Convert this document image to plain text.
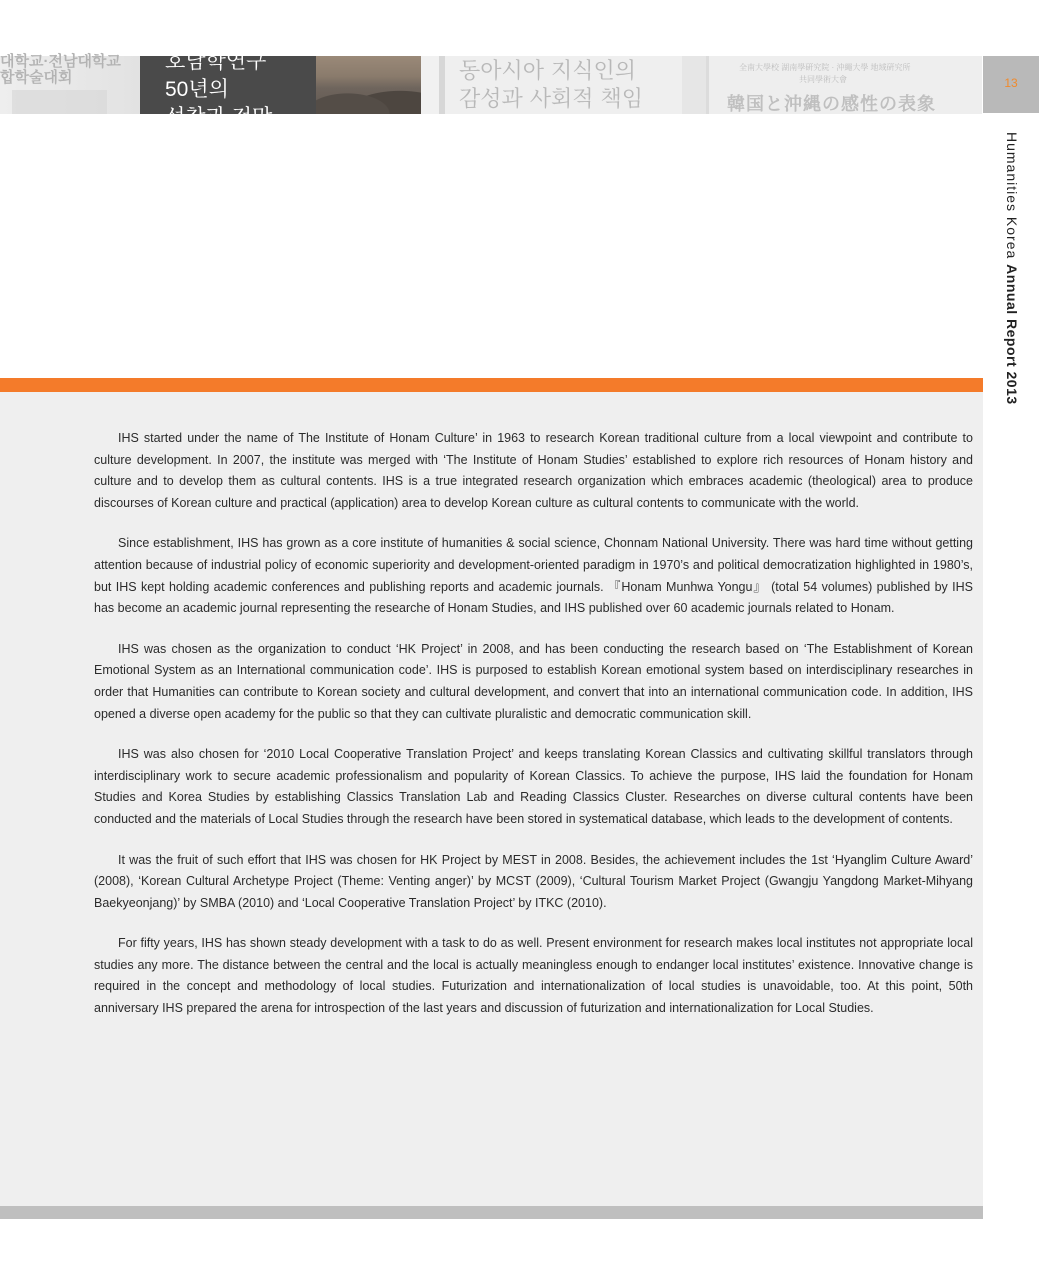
대학교·전남대학교
합학술대회
호남학연구
50년의
성찰과 전망
동아시아 지식인의
감성과 사회적 책임
全南大學校 湖南學硏究院 · 沖繩大學 地域硏究所
共同學術大會
韓国と沖縄の感性の表象
13
Humanities Korea Annual Report 2013

IHS started under the name of The Institute of Honam Culture’ in 1963 to research Korean traditional culture from a local viewpoint and contribute to culture development. In 2007, the institute was merged with ‘The Institute of Honam Studies’ established to explore rich resources of Honam history and culture and to develop them as cultural contents. IHS is a true integrated research organization which embraces academic (theological) area to produce discourses of Korean culture and practical (application) area to develop Korean culture as cultural contents to communicate with the world.

Since establishment, IHS has grown as a core institute of humanities & social science, Chonnam National University. There was hard time without getting attention because of industrial policy of economic superiority and development-oriented paradigm in 1970’s and political democratization highlighted in 1980’s, but IHS kept holding academic conferences and publishing reports and academic journals. 『Honam Munhwa Yongu』 (total 54 volumes) published by IHS has become an academic journal representing the researche of Honam Studies, and IHS published over 60 academic journals related to Honam.

IHS was chosen as the organization to conduct ‘HK Project’ in 2008, and has been conducting the research based on ‘The Establishment of Korean Emotional System as an International communication code’. IHS is purposed to establish Korean emotional system based on interdisciplinary researches in order that Humanities can contribute to Korean society and cultural development, and convert that into an international communication code. In addition, IHS opened a diverse open academy for the public so that they can cultivate pluralistic and democratic communication skill.

IHS was also chosen for ‘2010 Local Cooperative Translation Project’ and keeps translating Korean Classics and cultivating skillful translators through interdisciplinary work to secure academic professionalism and popularity of Korean Classics. To achieve the purpose, IHS laid the foundation for Honam Studies and Korea Studies by establishing Classics Translation Lab and Reading Classics Cluster. Researches on diverse cultural contents have been conducted and the materials of Local Studies through the research have been stored in systematical database, which leads to the development of contents.

It was the fruit of such effort that IHS was chosen for HK Project by MEST in 2008. Besides, the achievement includes the 1st ‘Hyanglim Culture Award’ (2008), ‘Korean Cultural Archetype Project (Theme: Venting anger)’ by MCST (2009), ‘Cultural Tourism Market Project (Gwangju Yangdong Market-Mihyang Baekyeonjang)’ by SMBA (2010) and ‘Local Cooperative Translation Project’ by ITKC (2010).

For fifty years, IHS has shown steady development with a task to do as well. Present environment for research makes local institutes not appropriate local studies any more. The distance between the central and the local is actually meaningless enough to endanger local institutes’ existence. Innovative change is required in the concept and methodology of local studies. Futurization and internationalization of local studies is unavoidable, too. At this point, 50th anniversary IHS prepared the arena for introspection of the last years and discussion of futurization and internationalization for Local Studies.
